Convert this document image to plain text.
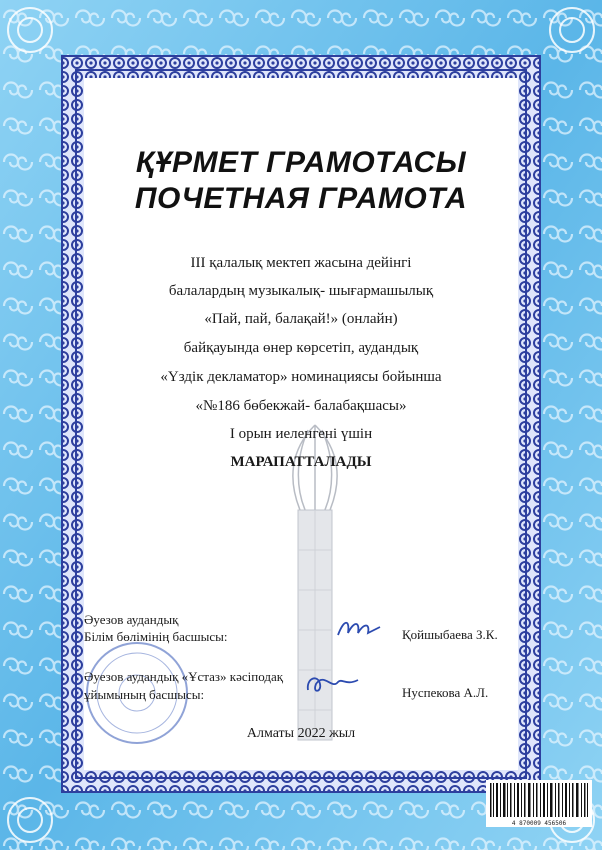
ҚҰРМЕТ ГРАМОТАСЫ
ПОЧЕТНАЯ ГРАМОТА
ІІІ қалалық мектеп жасына дейінгі
балалардың музыкалық- шығармашылық
«Пай, пай, балақай!» (онлайн)
байқауында өнер көрсетіп, аудандық
«Үздік декламатор» номинациясы бойынша
«№186 бөбекжай- балабақшасы»
І орын иеленгені үшін
МАРАПАТТАЛАДЫ
Әуезов аудандық
Білім бөлімінің басшысы:	Қойшыбаева З.К.
Әуезов аудандық «Ұстаз» кәсіподақ
ұйымының басшысы:	Нуспекова А.Л.
Алматы 2022 жыл
4 870009 456506
